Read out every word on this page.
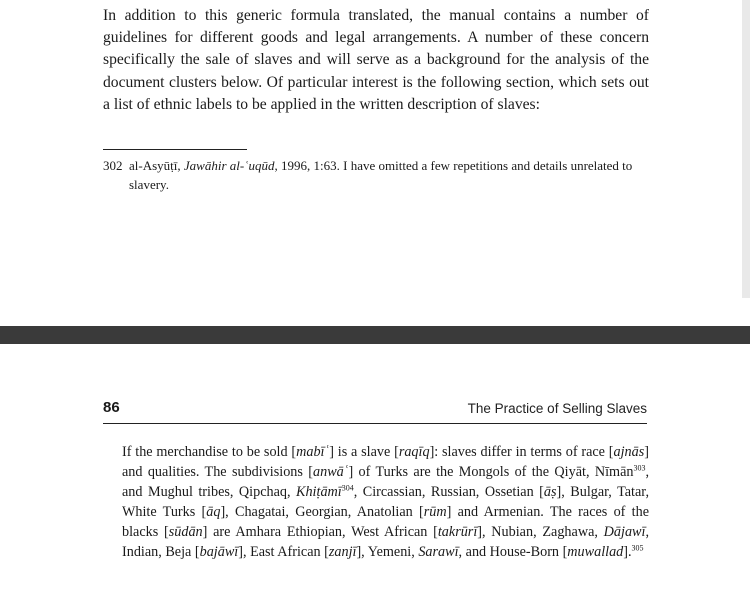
In addition to this generic formula translated, the manual contains a number of guidelines for different goods and legal arrangements. A number of these concern specifically the sale of slaves and will serve as a background for the analysis of the document clusters below. Of particular interest is the following section, which sets out a list of ethnic labels to be applied in the written description of slaves:

302 al-Asyūṭī, Jawāhir al-ʿuqūd, 1996, 1:63. I have omitted a few repetitions and details unrelated to slavery.

86	The Practice of Selling Slaves

If the merchandise to be sold [mabīʿ] is a slave [raqīq]: slaves differ in terms of race [ajnās] and qualities. The subdivisions [anwāʿ] of Turks are the Mongols of the Qiyāt, Nīmān$^{303}$, and Mughul tribes, Qipchaq, Khiṭāmī$^{304}$, Circassian, Russian, Ossetian [āṣ], Bulgar, Tatar, White Turks [āq], Chagatai, Georgian, Anatolian [rūm] and Armenian. The races of the blacks [sūdān] are Amhara Ethiopian, West African [takrūrī], Nubian, Zaghawa, Dājawī, Indian, Beja [bajāwī], East African [zanjī], Yemeni, Sarawī, and House-Born [muwallad].$^{305}$
